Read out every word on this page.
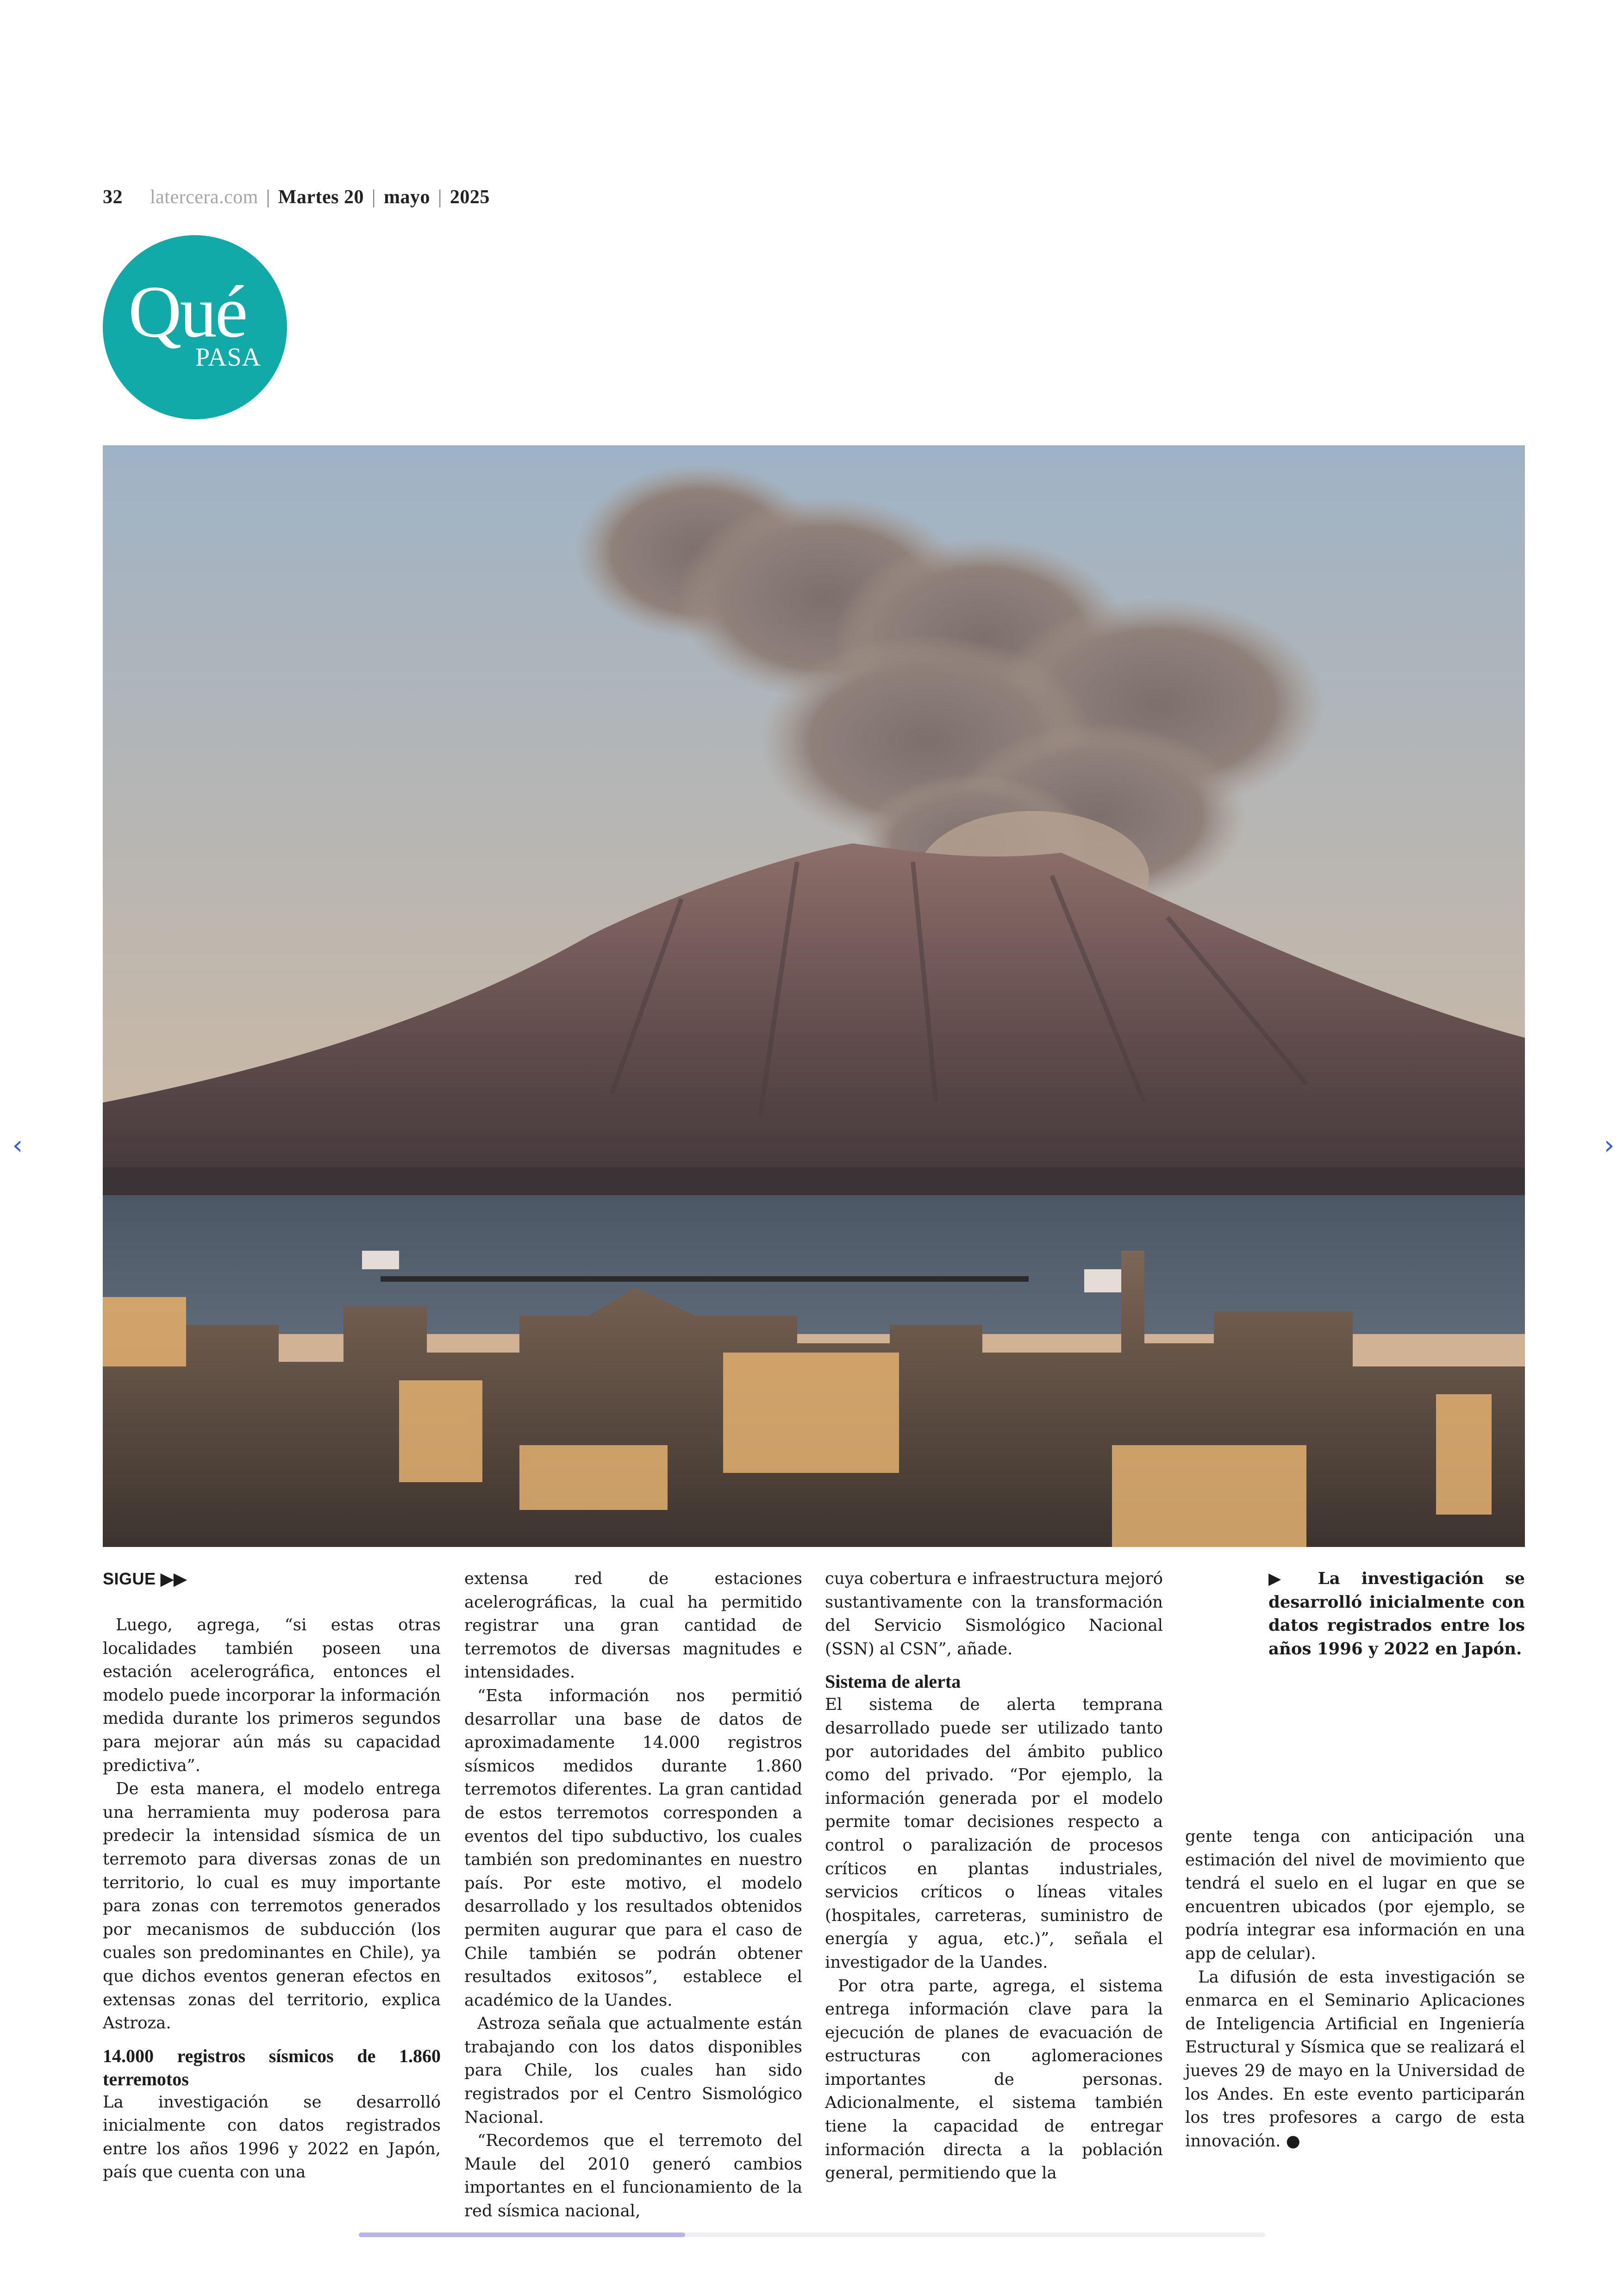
32 latercera.com | Martes 20 | mayo | 2025
Qué
PASA
‹	›
SIGUE ▶▶

Luego, agrega, “si estas otras localidades también poseen una estación acelerográfica, entonces el modelo puede incorporar la información medida durante los primeros segundos para mejorar aún más su capacidad predictiva”.

De esta manera, el modelo entrega una herramienta muy poderosa para predecir la intensidad sísmica de un terremoto para diversas zonas de un territorio, lo cual es muy importante para zonas con terremotos generados por mecanismos de subducción (los cuales son predominantes en Chile), ya que dichos eventos generan efectos en extensas zonas del territorio, explica Astroza.

14.000 registros sísmicos de 1.860 terremotos

La investigación se desarrolló inicialmente con datos registrados entre los años 1996 y 2022 en Japón, país que cuenta con una

extensa red de estaciones acelerográficas, la cual ha permitido registrar una gran cantidad de terremotos de diversas magnitudes e intensidades.

“Esta información nos permitió desarrollar una base de datos de aproximadamente 14.000 registros sísmicos medidos durante 1.860 terremotos diferentes. La gran cantidad de estos terremotos corresponden a eventos del tipo subductivo, los cuales también son predominantes en nuestro país. Por este motivo, el modelo desarrollado y los resultados obtenidos permiten augurar que para el caso de Chile también se podrán obtener resultados exitosos”, establece el académico de la Uandes.

Astroza señala que actualmente están trabajando con los datos disponibles para Chile, los cuales han sido registrados por el Centro Sismológico Nacional.

“Recordemos que el terremoto del Maule del 2010 generó cambios importantes en el funcionamiento de la red sísmica nacional,

cuya cobertura e infraestructura mejoró sustantivamente con la transformación del Servicio Sismológico Nacional (SSN) al CSN”, añade.

Sistema de alerta

El sistema de alerta temprana desarrollado puede ser utilizado tanto por autoridades del ámbito publico como del privado. “Por ejemplo, la información generada por el modelo permite tomar decisiones respecto a control o paralización de procesos críticos en plantas industriales, servicios críticos o líneas vitales (hospitales, carreteras, suministro de energía y agua, etc.)”, señala el investigador de la Uandes.

Por otra parte, agrega, el sistema entrega información clave para la ejecución de planes de evacuación de estructuras con aglomeraciones importantes de personas. Adicionalmente, el sistema también tiene la capacidad de entregar información directa a la población general, permitiendo que la

▶ La investigación se desarrolló inicialmente con datos registrados entre los años 1996 y 2022 en Japón.

gente tenga con anticipación una estimación del nivel de movimiento que tendrá el suelo en el lugar en que se encuentren ubicados (por ejemplo, se podría integrar esa información en una app de celular).

La difusión de esta investigación se enmarca en el Seminario Aplicaciones de Inteligencia Artificial en Ingeniería Estructural y Sísmica que se realizará el jueves 29 de mayo en la Universidad de los Andes. En este evento participarán los tres profesores a cargo de esta innovación. ●
